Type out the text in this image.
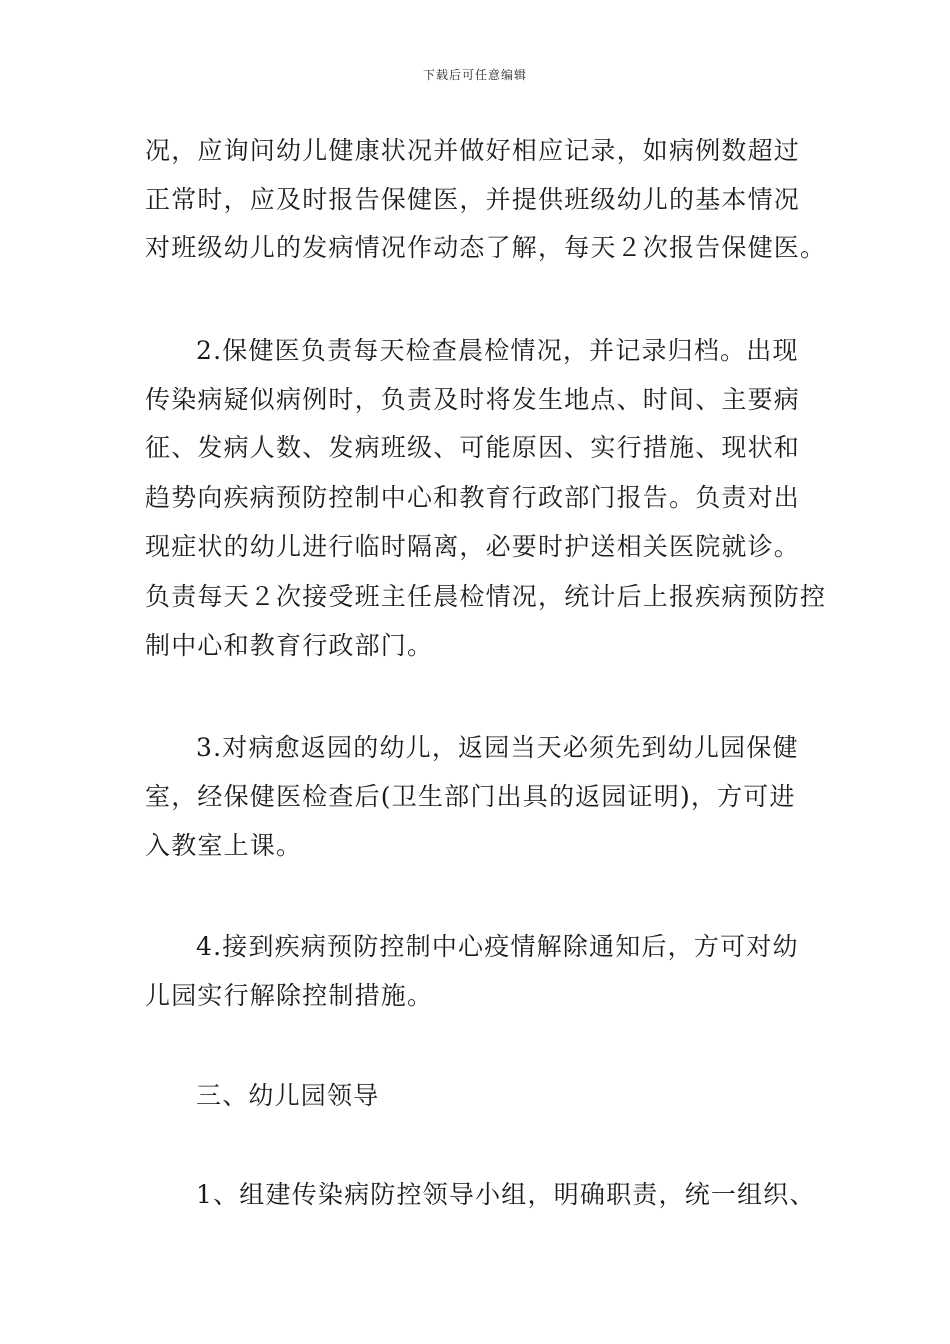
下载后可任意编辑
况，应询问幼儿健康状况并做好相应记录，如病例数超过
正常时，应及时报告保健医，并提供班级幼儿的基本情况
对班级幼儿的发病情况作动态了解，每天２次报告保健医。
2.保健医负责每天检查晨检情况，并记录归档。出现
传染病疑似病例时，负责及时将发生地点、时间、主要病
征、发病人数、发病班级、可能原因、实行措施、现状和
趋势向疾病预防控制中心和教育行政部门报告。负责对出
现症状的幼儿进行临时隔离，必要时护送相关医院就诊。
负责每天２次接受班主任晨检情况，统计后上报疾病预防控
制中心和教育行政部门。
3.对病愈返园的幼儿，返园当天必须先到幼儿园保健
室，经保健医检查后(卫生部门出具的返园证明)，方可进
入教室上课。
4.接到疾病预防控制中心疫情解除通知后，方可对幼
儿园实行解除控制措施。
三、幼儿园领导
1、组建传染病防控领导小组，明确职责，统一组织、
